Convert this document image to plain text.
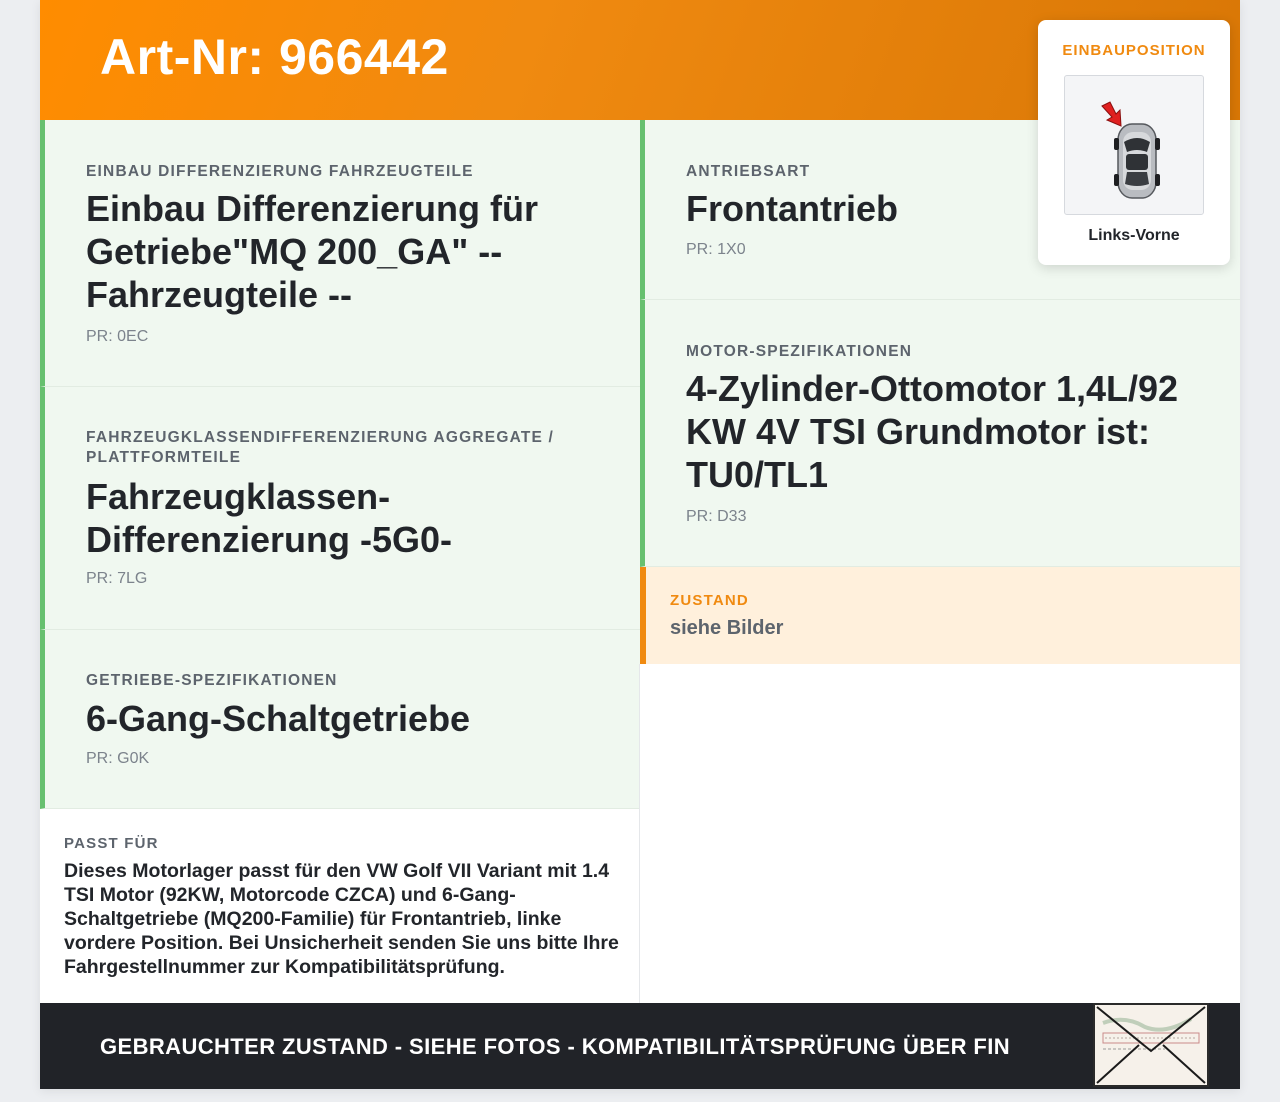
Art-Nr: 966442
EINBAU DIFFERENZIERUNG FAHRZEUGTEILE
Einbau Differenzierung für Getriebe"MQ 200_GA" -- Fahrzeugteile --
PR: 0EC
FAHRZEUGKLASSENDIFFERENZIERUNG AGGREGATE / PLATTFORMTEILE
Fahrzeugklassen-Differenzierung -5G0-
PR: 7LG
GETRIEBE-SPEZIFIKATIONEN
6-Gang-Schaltgetriebe
PR: G0K
PASST FÜR
Dieses Motorlager passt für den VW Golf VII Variant mit 1.4 TSI Motor (92KW, Motorcode CZCA) und 6-Gang-Schaltgetriebe (MQ200-Familie) für Frontantrieb, linke vordere Position. Bei Unsicherheit senden Sie uns bitte Ihre Fahrgestellnummer zur Kompatibilitätsprüfung.
ANTRIEBSART
Frontantrieb
PR: 1X0
MOTOR-SPEZIFIKATIONEN
4-Zylinder-Ottomotor 1,4L/92 KW 4V TSI Grundmotor ist: TU0/TL1
PR: D33
ZUSTAND
siehe Bilder
EINBAUPOSITION
Links-Vorne
GEBRAUCHTER ZUSTAND - SIEHE FOTOS - KOMPATIBILITÄTSPRÜFUNG ÜBER FIN
